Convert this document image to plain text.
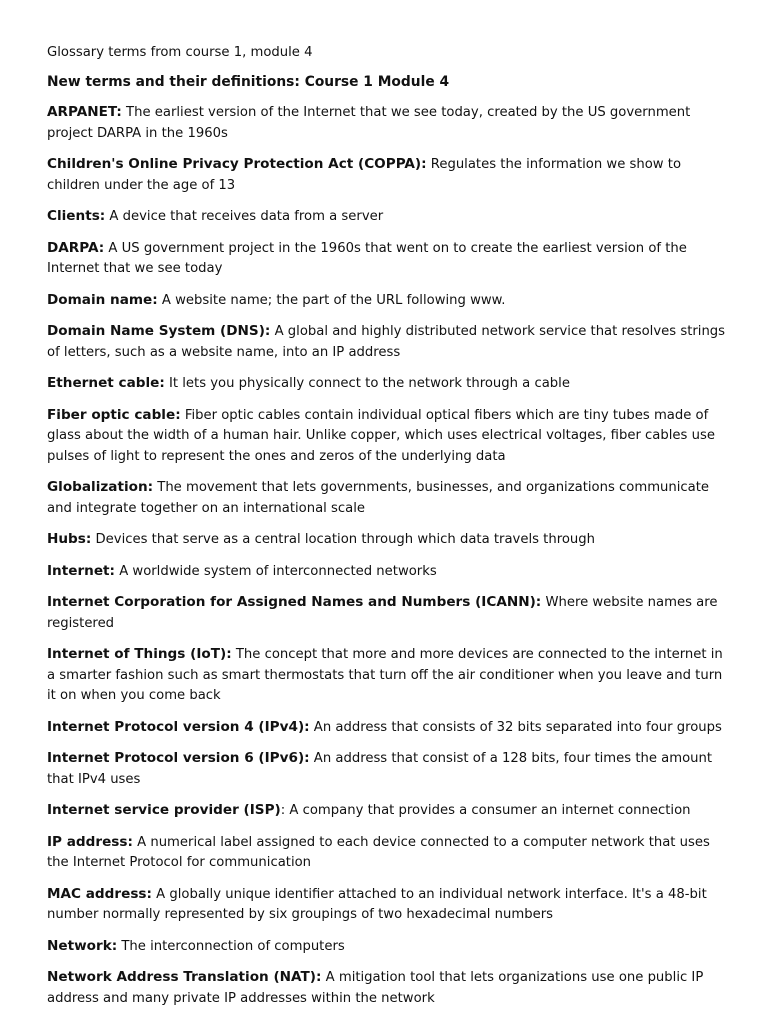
Glossary terms from course 1, module 4
New terms and their definitions: Course 1 Module 4

ARPANET: The earliest version of the Internet that we see today, created by the US government project DARPA in the 1960s

Children's Online Privacy Protection Act (COPPA): Regulates the information we show to children under the age of 13

Clients: A device that receives data from a server

DARPA: A US government project in the 1960s that went on to create the earliest version of the Internet that we see today

Domain name: A website name; the part of the URL following www.

Domain Name System (DNS): A global and highly distributed network service that resolves strings of letters, such as a website name, into an IP address

Ethernet cable: It lets you physically connect to the network through a cable

Fiber optic cable: Fiber optic cables contain individual optical fibers which are tiny tubes made of glass about the width of a human hair. Unlike copper, which uses electrical voltages, fiber cables use pulses of light to represent the ones and zeros of the underlying data

Globalization: The movement that lets governments, businesses, and organizations communicate and integrate together on an international scale

Hubs: Devices that serve as a central location through which data travels through

Internet: A worldwide system of interconnected networks

Internet Corporation for Assigned Names and Numbers (ICANN): Where website names are registered

Internet of Things (IoT): The concept that more and more devices are connected to the internet in a smarter fashion such as smart thermostats that turn off the air conditioner when you leave and turn it on when you come back

Internet Protocol version 4 (IPv4): An address that consists of 32 bits separated into four groups

Internet Protocol version 6 (IPv6): An address that consist of a 128 bits, four times the amount that IPv4 uses

Internet service provider (ISP): A company that provides a consumer an internet connection

IP address: A numerical label assigned to each device connected to a computer network that uses the Internet Protocol for communication

MAC address: A globally unique identifier attached to an individual network interface. It's a 48-bit number normally represented by six groupings of two hexadecimal numbers

Network: The interconnection of computers

Network Address Translation (NAT): A mitigation tool that lets organizations use one public IP address and many private IP addresses within the network
